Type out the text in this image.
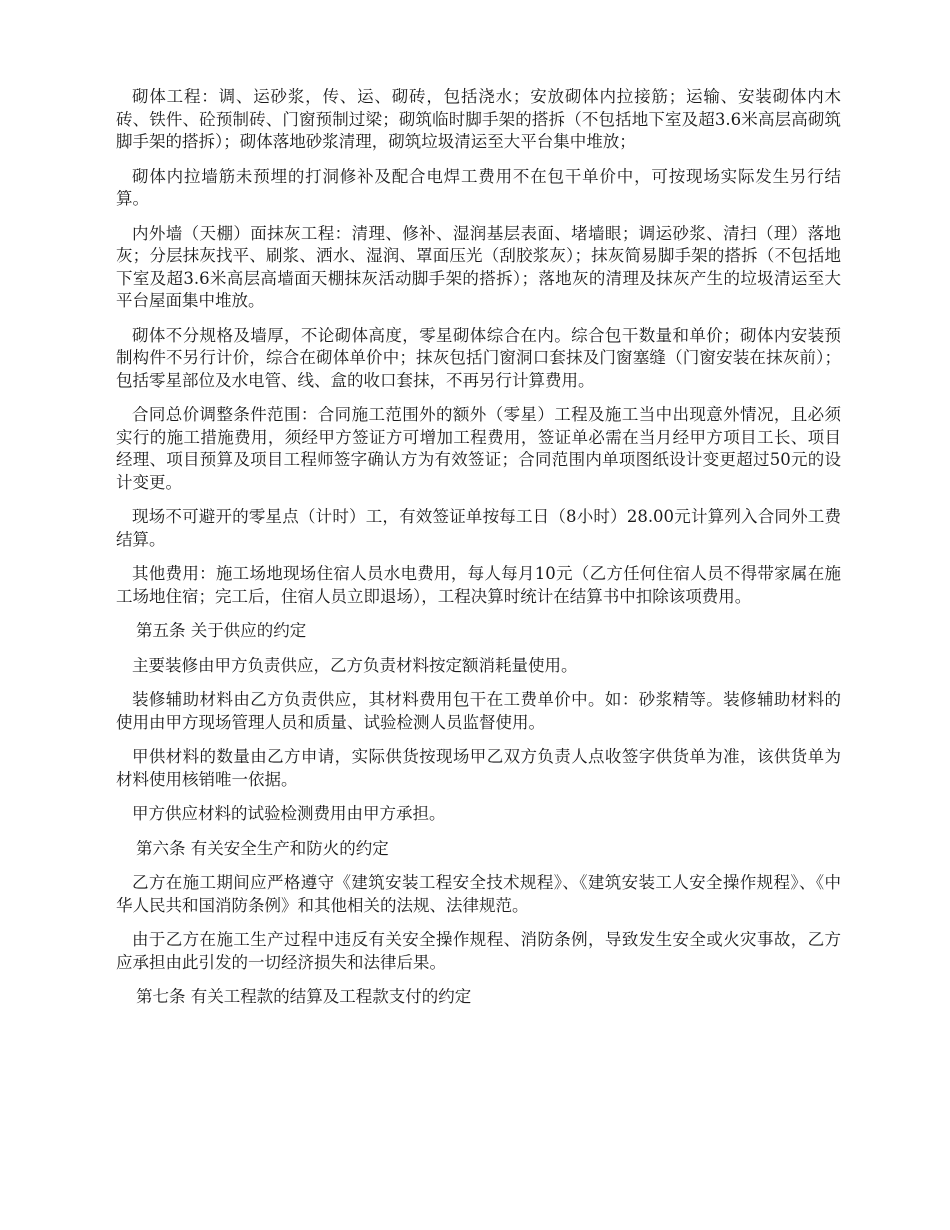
砌体工程：调、运砂浆，传、运、砌砖，包括浇水；安放砌体内拉接筋；运输、安装砌体内木砖、铁件、砼预制砖、门窗预制过梁；砌筑临时脚手架的搭拆（不包括地下室及超3.6米高层高砌筑脚手架的搭拆）；砌体落地砂浆清理，砌筑垃圾清运至大平台集中堆放；

砌体内拉墙筋未预埋的打洞修补及配合电焊工费用不在包干单价中，可按现场实际发生另行结算。

内外墙（天棚）面抹灰工程：清理、修补、湿润基层表面、堵墙眼；调运砂浆、清扫（理）落地灰；分层抹灰找平、刷浆、洒水、湿润、罩面压光（刮胶浆灰）；抹灰简易脚手架的搭拆（不包括地下室及超3.6米高层高墙面天棚抹灰活动脚手架的搭拆）；落地灰的清理及抹灰产生的垃圾清运至大平台屋面集中堆放。

砌体不分规格及墙厚，不论砌体高度，零星砌体综合在内。综合包干数量和单价；砌体内安装预制构件不另行计价，综合在砌体单价中；抹灰包括门窗洞口套抹及门窗塞缝（门窗安装在抹灰前）；包括零星部位及水电管、线、盒的收口套抹，不再另行计算费用。

合同总价调整条件范围：合同施工范围外的额外（零星）工程及施工当中出现意外情况，且必须实行的施工措施费用，须经甲方签证方可增加工程费用，签证单必需在当月经甲方项目工长、项目经理、项目预算及项目工程师签字确认方为有效签证；合同范围内单项图纸设计变更超过50元的设计变更。

现场不可避开的零星点（计时）工，有效签证单按每工日（8小时）28.00元计算列入合同外工费结算。

其他费用：施工场地现场住宿人员水电费用，每人每月10元（乙方任何住宿人员不得带家属在施工场地住宿；完工后，住宿人员立即退场），工程决算时统计在结算书中扣除该项费用。

第五条 关于供应的约定

主要装修由甲方负责供应，乙方负责材料按定额消耗量使用。

装修辅助材料由乙方负责供应，其材料费用包干在工费单价中。如：砂浆精等。装修辅助材料的使用由甲方现场管理人员和质量、试验检测人员监督使用。

甲供材料的数量由乙方申请，实际供货按现场甲乙双方负责人点收签字供货单为准，该供货单为材料使用核销唯一依据。

甲方供应材料的试验检测费用由甲方承担。

第六条 有关安全生产和防火的约定

乙方在施工期间应严格遵守《建筑安装工程安全技术规程》、《建筑安装工人安全操作规程》、《中华人民共和国消防条例》和其他相关的法规、法律规范。

由于乙方在施工生产过程中违反有关安全操作规程、消防条例，导致发生安全或火灾事故，乙方应承担由此引发的一切经济损失和法律后果。

第七条 有关工程款的结算及工程款支付的约定
